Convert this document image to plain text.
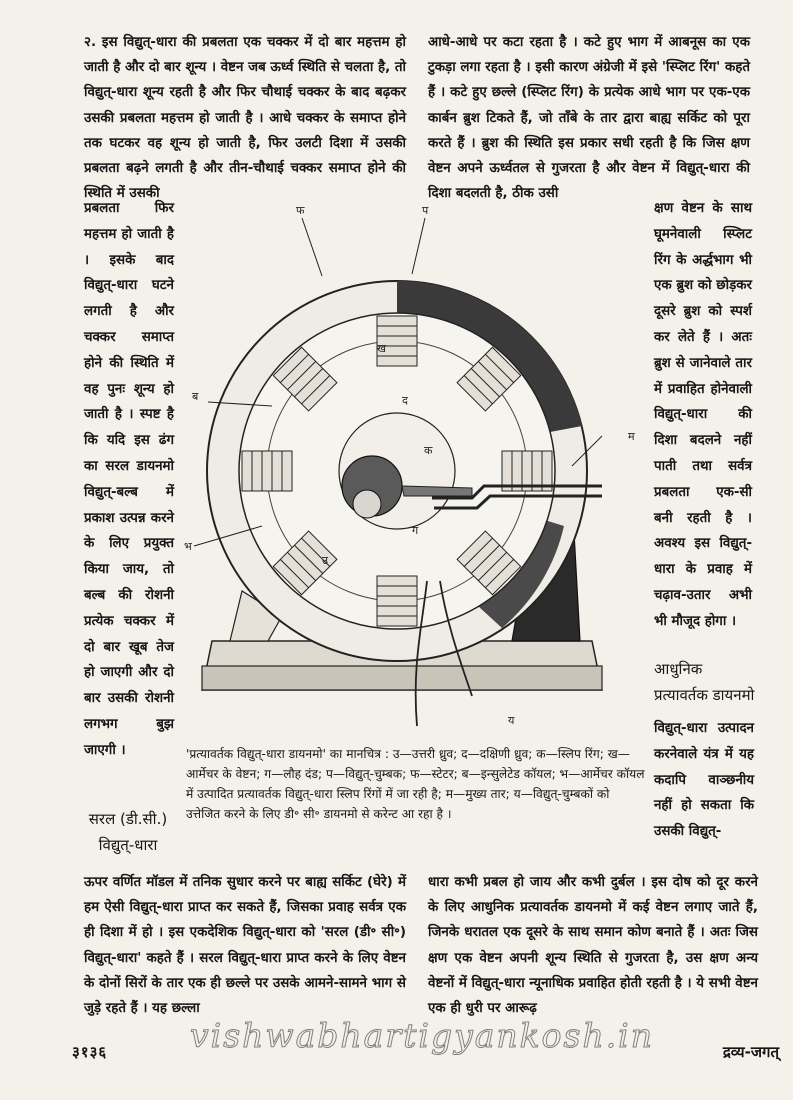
२. इस विद्युत्-धारा की प्रबलता एक चक्कर में दो बार महत्तम हो जाती है और दो बार शून्य । वेष्टन जब ऊर्ध्व स्थिति से चलता है, तो विद्युत्-धारा शून्य रहती है और फिर चौथाई चक्कर के बाद बढ़कर उसकी प्रबलता महत्तम हो जाती है । आधे चक्कर के समाप्त होने तक घटकर वह शून्य हो जाती है, फिर उलटी दिशा में उसकी प्रबलता बढ़ने लगती है और तीन-चौथाई चक्कर समाप्त होने की स्थिति में उसकी

प्रबलता फिर महत्तम हो जाती है । इसके बाद विद्युत्-धारा घटने लगती है और चक्कर समाप्त होने की स्थिति में वह पुनः शून्य हो जाती है । स्पष्ट है कि यदि इस ढंग का सरल डायनमो विद्युत्-बल्ब में प्रकाश उत्पन्न करने के लिए प्रयुक्त किया जाय, तो बल्ब की रोशनी प्रत्येक चक्कर में दो बार खूब तेज हो जाएगी और दो बार उसकी रोशनी लगभग बुझ जाएगी ।

सरल (डी.सी.) विद्युत्-धारा

आधे-आधे पर कटा रहता है । कटे हुए भाग में आबनूस का एक टुकड़ा लगा रहता है । इसी कारण अंग्रेजी में इसे 'स्प्लिट रिंग' कहते हैं । कटे हुए छल्ले (स्प्लिट रिंग) के प्रत्येक आधे भाग पर एक-एक कार्बन ब्रुश टिकते हैं, जो ताँबे के तार द्वारा बाह्य सर्किट को पूरा करते हैं । ब्रुश की स्थिति इस प्रकार सधी रहती है कि जिस क्षण वेष्टन अपने ऊर्ध्वतल से गुजरता है और वेष्टन में विद्युत्-धारा की दिशा बदलती है, ठीक उसी

क्षण वेष्टन के साथ घूमनेवाली स्प्लिट रिंग के अर्द्धभाग भी एक ब्रुश को छोड़कर दूसरे ब्रुश को स्पर्श कर लेते हैं । अतः ब्रुश से जानेवाले तार में प्रवाहित होनेवाली विद्युत्-धारा की दिशा बदलने नहीं पाती तथा सर्वत्र प्रबलता एक-सी बनी रहती है । अवश्य इस विद्युत्-धारा के प्रवाह में चढ़ाव-उतार अभी भी मौजूद होगा ।

आधुनिक प्रत्यावर्तक डायनमो

विद्युत्-धारा उत्पादन करनेवाले यंत्र में यह कदापि वाञ्छनीय नहीं हो सकता कि उसकी विद्युत्-

फ	प
ब
म
भ
य
क
ख
ग
उ
द
'प्रत्यावर्तक विद्युत्-धारा डायनमो' का मानचित्र : उ—उत्तरी ध्रुव; द—दक्षिणी ध्रुव; क—स्लिप रिंग; ख—आर्मेचर के वेष्टन; ग—लौह दंड; प—विद्युत्-चुम्बक; फ—स्टेटर; ब—इन्सुलेटेड कॉयल; भ—आर्मेचर कॉयल में उत्पादित प्रत्यावर्तक विद्युत्-धारा स्लिप रिंगों में जा रही है; म—मुख्य तार; य—विद्युत्-चुम्बकों को उत्तेजित करने के लिए डी॰ सी॰ डायनमो से करेन्ट आ रहा है ।

ऊपर वर्णित मॉडल में तनिक सुधार करने पर बाह्य सर्किट (घेरे) में हम ऐसी विद्युत्-धारा प्राप्त कर सकते हैं, जिसका प्रवाह सर्वत्र एक ही दिशा में हो । इस एकदेशिक विद्युत्-धारा को 'सरल (डी॰ सी॰) विद्युत्-धारा' कहते हैं । सरल विद्युत्-धारा प्राप्त करने के लिए वेष्टन के दोनों सिरों के तार एक ही छल्ले पर उसके आमने-सामने भाग से जुड़े रहते हैं । यह छल्ला

धारा कभी प्रबल हो जाय और कभी दुर्बल । इस दोष को दूर करने के लिए आधुनिक प्रत्यावर्तक डायनमो में कई वेष्टन लगाए जाते हैं, जिनके धरातल एक दूसरे के साथ समान कोण बनाते हैं । अतः जिस क्षण एक वेष्टन अपनी शून्य स्थिति से गुजरता है, उस क्षण अन्य वेष्टनों में विद्युत्-धारा न्यूनाधिक प्रवाहित होती रहती है । ये सभी वेष्टन एक ही धुरी पर आरूढ़

vishwabhartigyankosh.in
३१३६	द्रव्य-जगत्
